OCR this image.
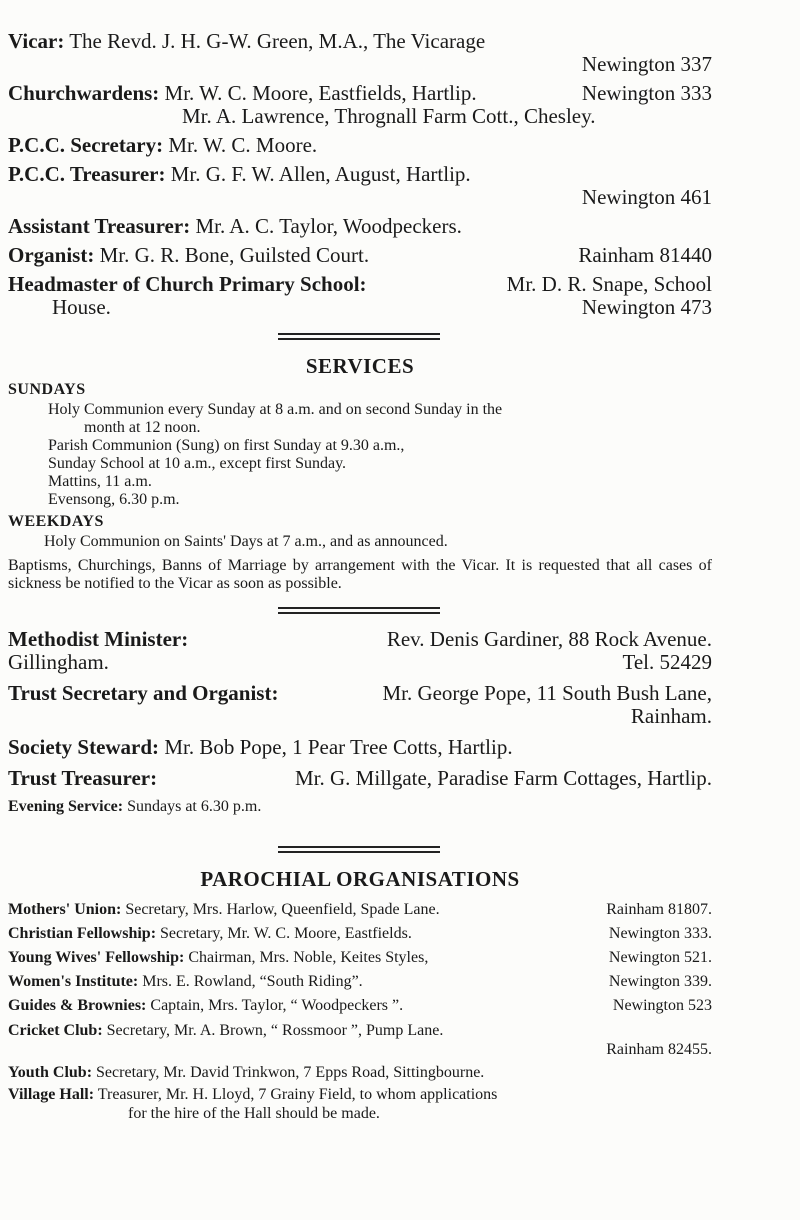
Vicar: The Revd. J. H. G-W. Green, M.A., The Vicarage
Newington 337
Churchwardens: Mr. W. C. Moore, Eastfields, Hartlip.	Newington 333
Mr. A. Lawrence, Thrognall Farm Cott., Chesley.
P.C.C. Secretary: Mr. W. C. Moore.
P.C.C. Treasurer: Mr. G. F. W. Allen, August, Hartlip.
Newington 461
Assistant Treasurer: Mr. A. C. Taylor, Woodpeckers.
Organist: Mr. G. R. Bone, Guilsted Court.	Rainham 81440
Headmaster of Church Primary School:	Mr. D. R. Snape, School
House.	Newington 473
SERVICES
SUNDAYS
Holy Communion every Sunday at 8 a.m. and on second Sunday in the
month at 12 noon.
Parish Communion (Sung) on first Sunday at 9.30 a.m.,
Sunday School at 10 a.m., except first Sunday.
Mattins, 11 a.m.
Evensong, 6.30 p.m.
WEEKDAYS
Holy Communion on Saints' Days at 7 a.m., and as announced.
Baptisms, Churchings, Banns of Marriage by arrangement with the Vicar. It is requested that all cases of sickness be notified to the Vicar as soon as possible.
Methodist Minister:	Rev. Denis Gardiner, 88 Rock Avenue.
Gillingham.	Tel. 52429
Trust Secretary and Organist:	Mr. George Pope, 11 South Bush Lane,
Rainham.
Society Steward: Mr. Bob Pope, 1 Pear Tree Cotts, Hartlip.
Trust Treasurer:	Mr. G. Millgate, Paradise Farm Cottages, Hartlip.
Evening Service: Sundays at 6.30 p.m.
PAROCHIAL ORGANISATIONS
Mothers' Union: Secretary, Mrs. Harlow, Queenfield, Spade Lane.	Rainham 81807.
Christian Fellowship: Secretary, Mr. W. C. Moore, Eastfields.	Newington 333.
Young Wives' Fellowship: Chairman, Mrs. Noble, Keites Styles,	Newington 521.
Women's Institute: Mrs. E. Rowland, “South Riding”.	Newington 339.
Guides & Brownies: Captain, Mrs. Taylor, “ Woodpeckers ”.	Newington 523
Cricket Club: Secretary, Mr. A. Brown, “ Rossmoor ”, Pump Lane.
Rainham 82455.
Youth Club: Secretary, Mr. David Trinkwon, 7 Epps Road, Sittingbourne.
Village Hall: Treasurer, Mr. H. Lloyd, 7 Grainy Field, to whom applications
for the hire of the Hall should be made.
